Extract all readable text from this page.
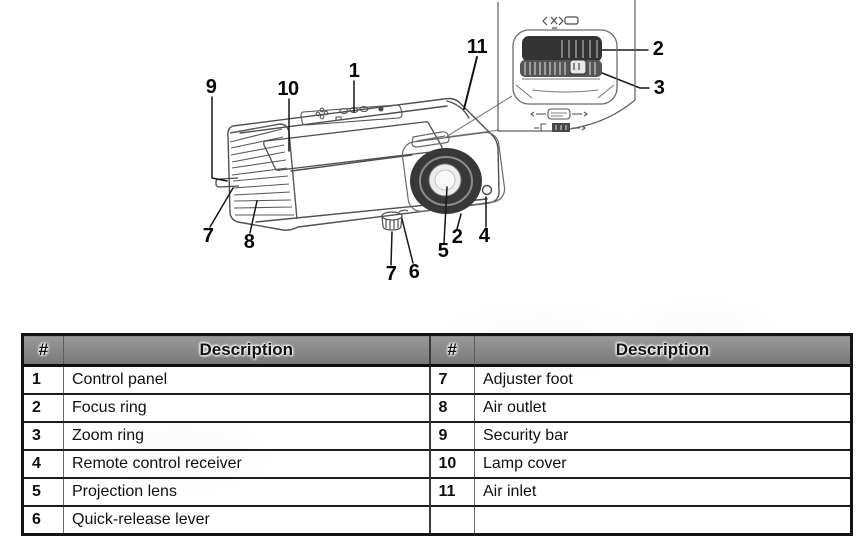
1
10
9
11
7 8
7 6
5
2 4
2
3
#	Description	#	Description
1	Control panel	7	Adjuster foot
2	Focus ring	8	Air outlet
3	Zoom ring	9	Security bar
4	Remote control receiver	10	Lamp cover
5	Projection lens	11	Air inlet
6	Quick-release lever		
